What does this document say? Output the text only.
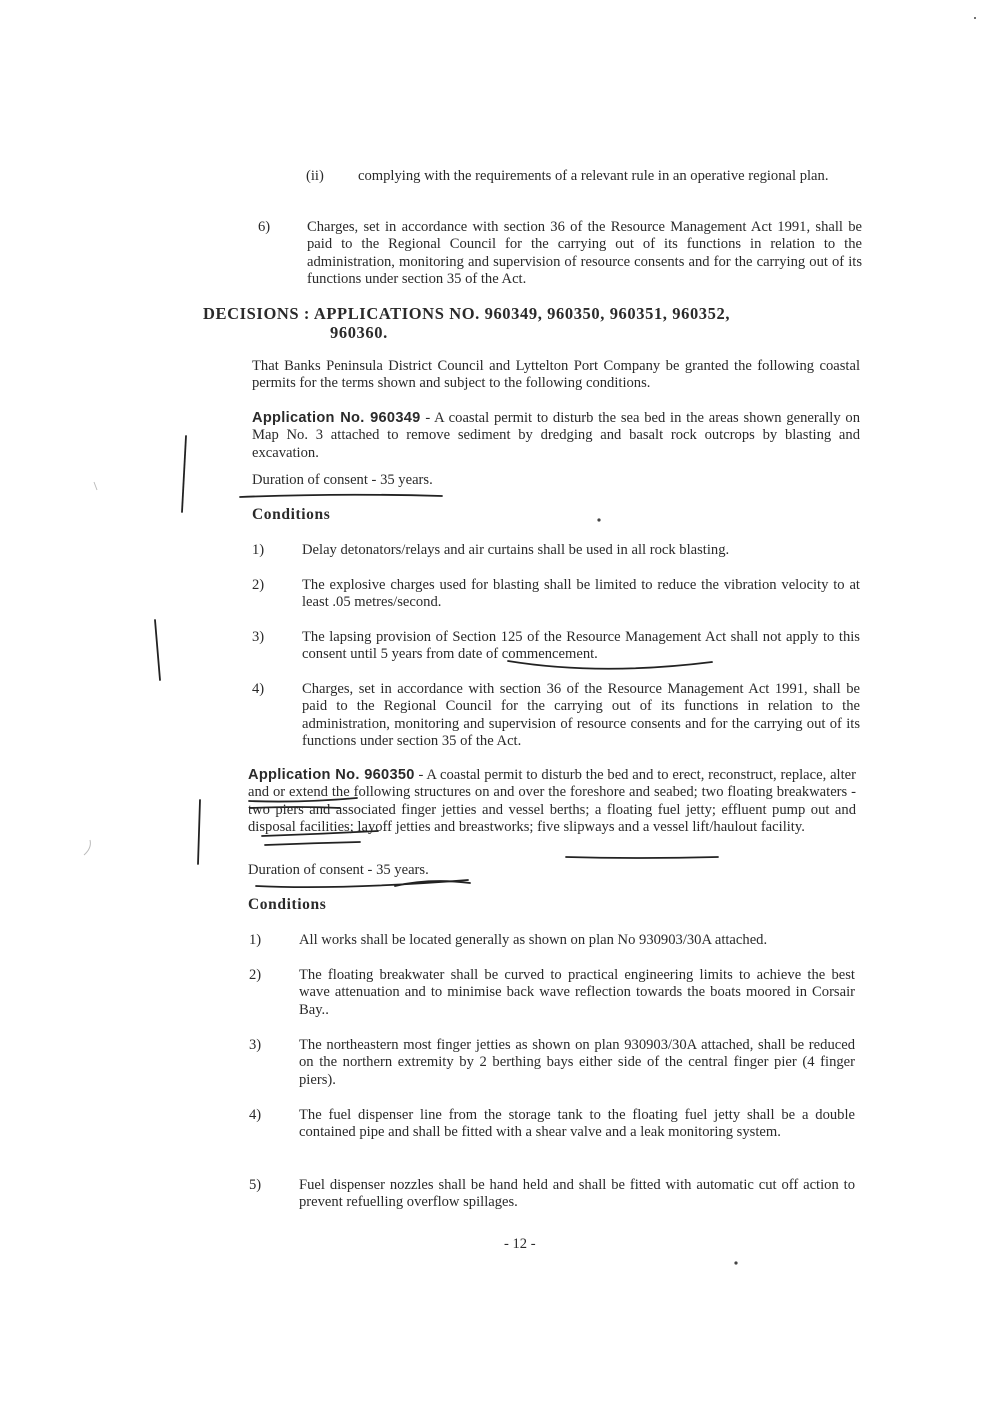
(ii) complying with the requirements of a relevant rule in an operative regional plan.
6)	Charges, set in accordance with section 36 of the Resource Management Act 1991, shall be paid to the Regional Council for the carrying out of its functions in relation to the administration, monitoring and supervision of resource consents and for the carrying out of its functions under section 35 of the Act.
DECISIONS : APPLICATIONS NO. 960349, 960350, 960351, 960352,
960360.
That Banks Peninsula District Council and Lyttelton Port Company be granted the following coastal permits for the terms shown and subject to the following conditions.
Application No. 960349 - A coastal permit to disturb the sea bed in the areas shown generally on Map No. 3 attached to remove sediment by dredging and basalt rock outcrops by blasting and excavation.
Duration of consent - 35 years.
Conditions
1)	Delay detonators/relays and air curtains shall be used in all rock blasting.
2)	The explosive charges used for blasting shall be limited to reduce the vibration velocity to at least .05 metres/second.
3)	The lapsing provision of Section 125 of the Resource Management Act shall not apply to this consent until 5 years from date of commencement.
4)	Charges, set in accordance with section 36 of the Resource Management Act 1991, shall be paid to the Regional Council for the carrying out of its functions in relation to the administration, monitoring and supervision of resource consents and for the carrying out of its functions under section 35 of the Act.
Application No. 960350 - A coastal permit to disturb the bed and to erect, reconstruct, replace, alter and or extend the following structures on and over the foreshore and seabed; two floating breakwaters - two piers and associated finger jetties and vessel berths; a floating fuel jetty; effluent pump out and disposal facilities; layoff jetties and breastworks; five slipways and a vessel lift/haulout facility.
Duration of consent - 35 years.
Conditions
1)	All works shall be located generally as shown on plan No 930903/30A attached.
2)	The floating breakwater shall be curved to practical engineering limits to achieve the best wave attenuation and to minimise back wave reflection towards the boats moored in Corsair Bay..
3)	The northeastern most finger jetties as shown on plan 930903/30A attached, shall be reduced on the northern extremity by 2 berthing bays either side of the central finger pier (4 finger piers).
4)	The fuel dispenser line from the storage tank to the floating fuel jetty shall be a double contained pipe and shall be fitted with a shear valve and a leak monitoring system.
5)	Fuel dispenser nozzles shall be hand held and shall be fitted with automatic cut off action to prevent refuelling overflow spillages.
- 12 -
